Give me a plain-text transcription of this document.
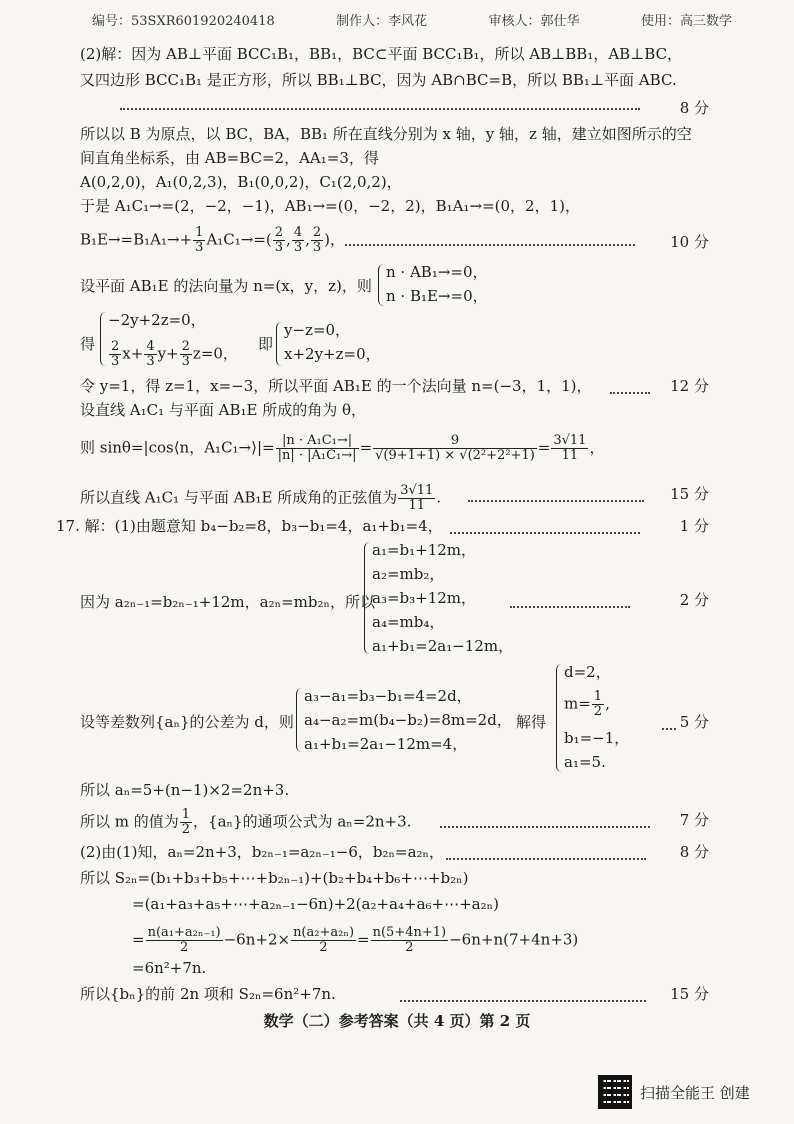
编号：53SXR601920240418	制作人：李风花	审核人：郭仕华	使用：高三数学
(2)解：因为 AB⊥平面 BCC₁B₁，BB₁，BC⊂平面 BCC₁B₁，所以 AB⊥BB₁，AB⊥BC，
又四边形 BCC₁B₁ 是正方形，所以 BB₁⊥BC，因为 AB∩BC=B，所以 BB₁⊥平面 ABC.
8 分
所以以 B 为原点，以 BC，BA，BB₁ 所在直线分别为 x 轴，y 轴，z 轴，建立如图所示的空
间直角坐标系，由 AB=BC=2，AA₁=3，得
A(0,2,0)，A₁(0,2,3)，B₁(0,0,2)，C₁(2,0,2)，
于是 A₁C₁→=(2，−2，−1)，AB₁→=(0，−2，2)，B₁A₁→=(0，2，1)，
$B_1E\to=B_1A_1\to+ \frac{1}{3} A_1C_1\to=( \frac{2}{3}$ , $\frac{4}{3}$ , $\frac{2}{3}$ )，	10 分
设平面 AB₁E 的法向量为 n=(x，y，z)，则
n · AB₁→=0，
n · B₁E→=0，
得
−2y+2z=0，
$\frac{2}{3} x+ \frac{4}{3} y+ \frac{2}{3} z=0$，
即
y−z=0，
x+2y+z=0，
令 y=1，得 z=1，x=−3，所以平面 AB₁E 的一个法向量 n=(−3，1，1)，	12 分
设直线 A₁C₁ 与平面 AB₁E 所成的角为 θ，
则 sinθ=|cos⟨n，A₁C₁→⟩|= $\frac{\text{|n · A₁C₁→|}}{\text{|n| · |A₁C₁→|}} = \frac{9}{\text{√(9+1+1) × √(2²+2²+1)}} = \frac{3√11}{11}$ ，
所以直线 A₁C₁ 与平面 AB₁E 所成角的正弦值为 $\frac{3√11}{11}$ .	15 分
17. 解：(1)由题意知 b₄−b₂=8，b₃−b₁=4，a₁+b₁=4，	1 分
因为 a₂ₙ₋₁=b₂ₙ₋₁+12m，a₂ₙ=mb₂ₙ，所以
a₁=b₁+12m，
a₂=mb₂，
a₃=b₃+12m，
a₄=mb₄，
a₁+b₁=2a₁−12m，
2 分
设等差数列{aₙ}的公差为 d，则
a₃−a₁=b₃−b₁=4=2d，
a₄−a₂=m(b₄−b₂)=8m=2d，
a₁+b₁=2a₁−12m=4，
解得
d=2，
$m= \frac{1}{2}$ ,
b₁=−1，
a₁=5.
5 分
所以 aₙ=5+(n−1)×2=2n+3.
所以 m 的值为 $\frac{1}{2}$ ，{aₙ}的通项公式为 aₙ=2n+3.	7 分
(2)由(1)知，aₙ=2n+3，b₂ₙ₋₁=a₂ₙ₋₁−6，b₂ₙ=a₂ₙ，	8 分
所以 S₂ₙ=(b₁+b₃+b₅+⋯+b₂ₙ₋₁)+(b₂+b₄+b₆+⋯+b₂ₙ)
=(a₁+a₃+a₅+⋯+a₂ₙ₋₁−6n)+2(a₂+a₄+a₆+⋯+a₂ₙ)
= $\frac{\text{n(a₁+a₂ₙ₋₁)}}{2} -6n+2\times \frac{\text{n(a₂+a₂ₙ)}}{2} = \frac{n(5+4n+1)}{2} -6n+n(7+4n+3)$
=6n²+7n.
所以{bₙ}的前 2n 项和 S₂ₙ=6n²+7n.	15 分
数学（二）参考答案（共 4 页）第 2 页
扫描全能王 创建
